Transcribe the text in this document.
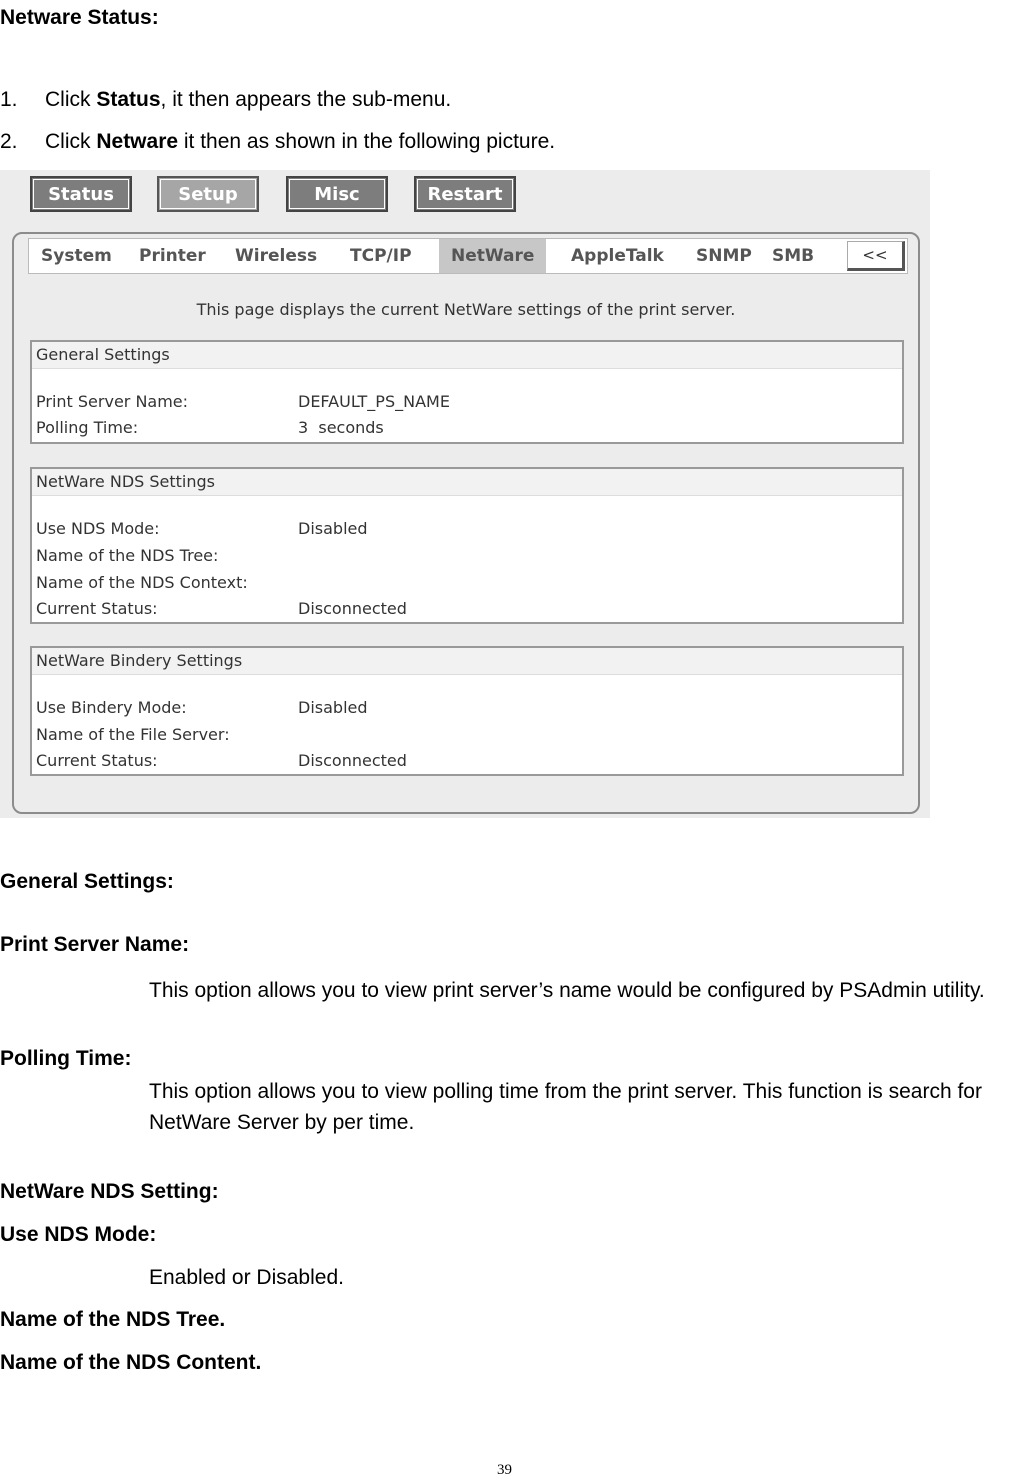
Netware Status:
1. Click Status, it then appears the sub-menu.
2. Click Netware it then as shown in the following picture.
Status	Setup	Misc	Restart
System	Printer	Wireless	TCP/IP	NetWare	AppleTalk	SNMP	SMB	<<
This page displays the current NetWare settings of the print server.
General Settings
Print Server Name:	DEFAULT_PS_NAME
Polling Time:	3  seconds
NetWare NDS Settings
Use NDS Mode:	Disabled
Name of the NDS Tree:
Name of the NDS Context:
Current Status:	Disconnected
NetWare Bindery Settings
Use Bindery Mode:	Disabled
Name of the File Server:
Current Status:	Disconnected
General Settings:
Print Server Name:
This option allows you to view print server’s name would be configured by PSAdmin utility.
Polling Time:
This option allows you to view polling time from the print server. This function is search for NetWare Server by per time.
NetWare NDS Setting:
Use NDS Mode:
Enabled or Disabled.
Name of the NDS Tree.
Name of the NDS Content.
39
